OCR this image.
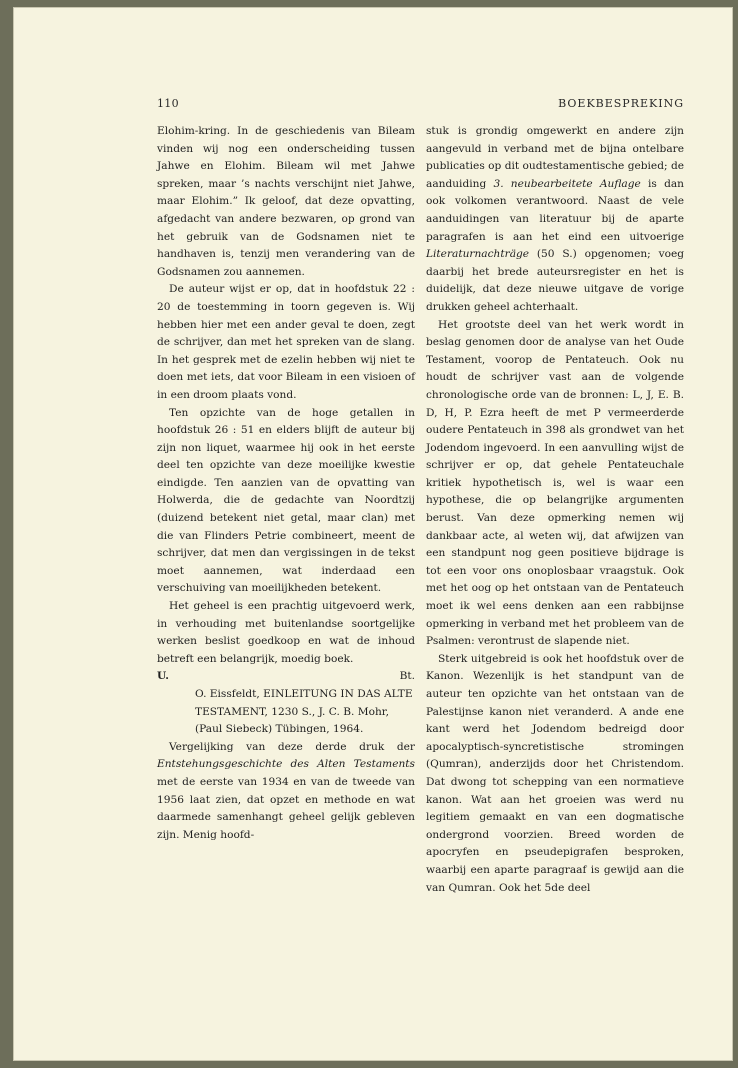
110	BOEKBESPREKING

Elohim-kring. In de geschiedenis van Bileam vinden wij nog een onderscheiding tussen Jahwe en Elohim. Bileam wil met Jahwe spreken, maar ’s nachts verschijnt niet Jahwe, maar Elohim.” Ik geloof, dat deze opvatting, afgedacht van andere bezwaren, op grond van het gebruik van de Godsnamen niet te handhaven is, tenzij men verandering van de Godsnamen zou aannemen.

De auteur wijst er op, dat in hoofdstuk 22 : 20 de toestemming in toorn gegeven is. Wij hebben hier met een ander geval te doen, zegt de schrijver, dan met het spreken van de slang. In het gesprek met de ezelin hebben wij niet te doen met iets, dat voor Bileam in een visioen of in een droom plaats vond.

Ten opzichte van de hoge getallen in hoofdstuk 26 : 51 en elders blijft de auteur bij zijn non liquet, waarmee hij ook in het eerste deel ten opzichte van deze moeilijke kwestie eindigde. Ten aanzien van de opvatting van Holwerda, die de gedachte van Noordtzij (duizend betekent niet getal, maar clan) met die van Flinders Petrie combineert, meent de schrijver, dat men dan vergissingen in de tekst moet aannemen, wat inderdaad een verschuiving van moeilijkheden betekent.

Het geheel is een prachtig uitgevoerd werk, in verhouding met buitenlandse soortgelijke werken beslist goedkoop en wat de inhoud betreft een belangrijk, moedig boek.

U.	Bt.

O. Eissfeldt, EINLEITUNG IN DAS ALTE TESTAMENT, 1230 S., J. C. B. Mohr, (Paul Siebeck) Tübingen, 1964.

Vergelijking van deze derde druk der Entstehungsgeschichte des Alten Testaments met de eerste van 1934 en van de tweede van 1956 laat zien, dat opzet en methode en wat daarmede samenhangt geheel gelijk gebleven zijn. Menig hoofd-

stuk is grondig omgewerkt en andere zijn aangevuld in verband met de bijna ontelbare publicaties op dit oudtestamentische gebied; de aanduiding 3. neubearbeitete Auflage is dan ook volkomen verantwoord. Naast de vele aanduidingen van literatuur bij de aparte paragrafen is aan het eind een uitvoerige Literaturnachträge (50 S.) opgenomen; voeg daarbij het brede auteursregister en het is duidelijk, dat deze nieuwe uitgave de vorige drukken geheel achterhaalt.

Het grootste deel van het werk wordt in beslag genomen door de analyse van het Oude Testament, voorop de Pentateuch. Ook nu houdt de schrijver vast aan de volgende chronologische orde van de bronnen: L, J, E. B. D, H, P. Ezra heeft de met P vermeerderde oudere Pentateuch in 398 als grondwet van het Jodendom ingevoerd. In een aanvulling wijst de schrijver er op, dat gehele Pentateuchale kritiek hypothetisch is, wel is waar een hypothese, die op belangrijke argumenten berust. Van deze opmerking nemen wij dankbaar acte, al weten wij, dat afwijzen van een standpunt nog geen positieve bijdrage is tot een voor ons onoplosbaar vraagstuk. Ook met het oog op het ontstaan van de Pentateuch moet ik wel eens denken aan een rabbijnse opmerking in verband met het probleem van de Psalmen: verontrust de slapende niet.

Sterk uitgebreid is ook het hoofdstuk over de Kanon. Wezenlijk is het standpunt van de auteur ten opzichte van het ontstaan van de Palestijnse kanon niet veranderd. A ande ene kant werd het Jodendom bedreigd door apocalyptisch-syncretistische stromingen (Qumran), anderzijds door het Christendom. Dat dwong tot schepping van een normatieve kanon. Wat aan het groeien was werd nu legitiem gemaakt en van een dogmatische ondergrond voorzien. Breed worden de apocryfen en pseudepigrafen besproken, waarbij een aparte paragraaf is gewijd aan die van Qumran. Ook het 5de deel
